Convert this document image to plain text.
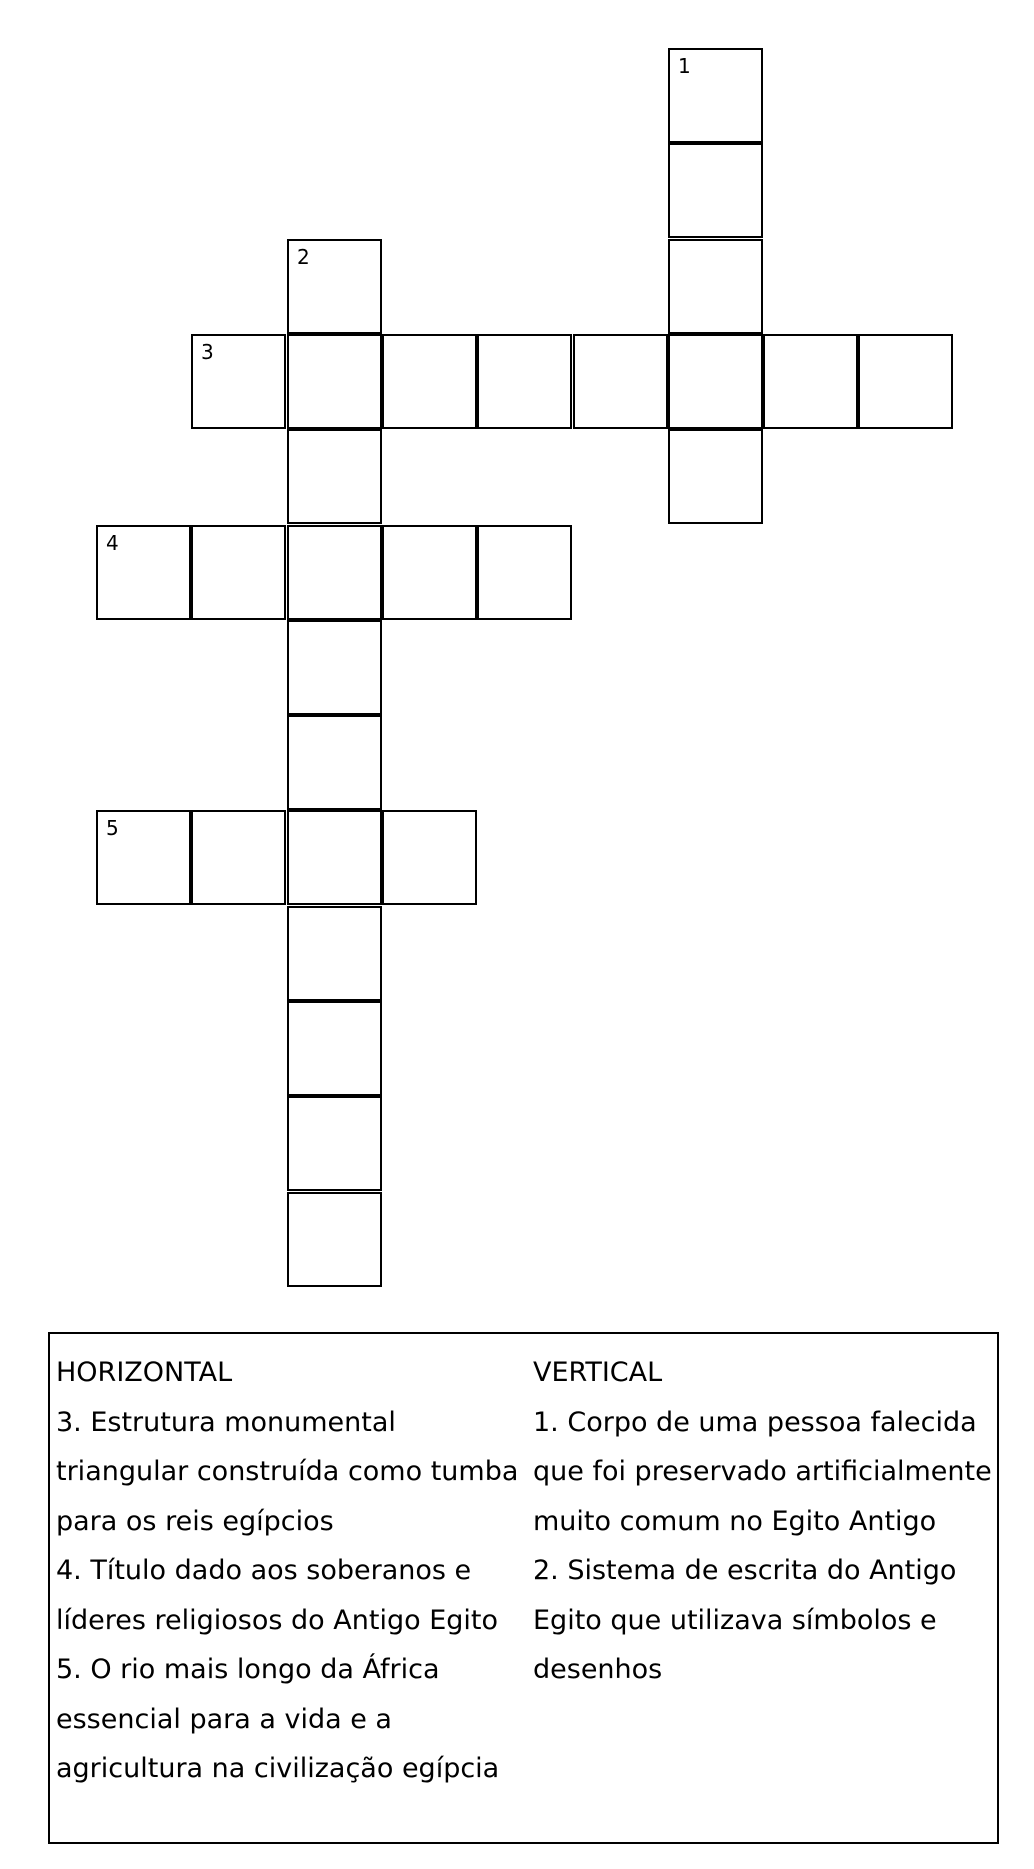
1
2
3
4
5
HORIZONTAL
3. Estrutura monumental triangular construída como tumba para os reis egípcios
4. Título dado aos soberanos e líderes religiosos do Antigo Egito
5. O rio mais longo da África essencial para a vida e a agricultura na civilização egípcia
VERTICAL
1. Corpo de uma pessoa falecida que foi preservado artificialmente muito comum no Egito Antigo
2. Sistema de escrita do Antigo Egito que utilizava símbolos e desenhos
